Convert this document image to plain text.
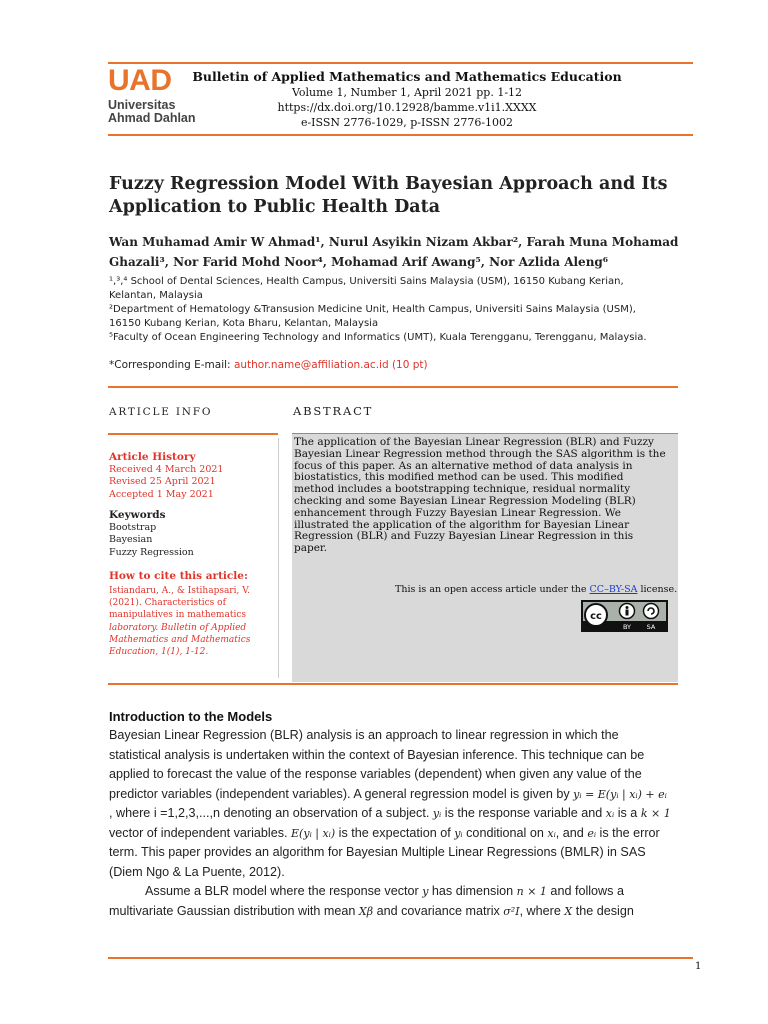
UAD
Universitas
Ahmad Dahlan
Bulletin of Applied Mathematics and Mathematics Education
Volume 1, Number 1, April 2021 pp. 1-12
https://dx.doi.org/10.12928/bamme.v1i1.XXXX
e-ISSN 2776-1029, p-ISSN 2776-1002
Fuzzy Regression Model With Bayesian Approach and Its
Application to Public Health Data
Wan Muhamad Amir W Ahmad¹, Nurul Asyikin Nizam Akbar², Farah Muna Mohamad
Ghazali³, Nor Farid Mohd Noor⁴, Mohamad Arif Awang⁵, Nor Azlida Aleng⁶
¹,³,⁴ School of Dental Sciences, Health Campus, Universiti Sains Malaysia (USM), 16150 Kubang Kerian,
Kelantan, Malaysia
²Department of Hematology &Transusion Medicine Unit, Health Campus, Universiti Sains Malaysia (USM),
16150 Kubang Kerian, Kota Bharu, Kelantan, Malaysia
⁵Faculty of Ocean Engineering Technology and Informatics (UMT), Kuala Terengganu, Terengganu, Malaysia.
*Corresponding E-mail: author.name@affiliation.ac.id (10 pt)
ARTICLE INFO	ABSTRACT
The application of the Bayesian Linear Regression (BLR) and Fuzzy
Bayesian Linear Regression method through the SAS algorithm is the
focus of this paper. As an alternative method of data analysis in
biostatistics, this modified method can be used. This modified
method includes a bootstrapping technique, residual normality
checking and some Bayesian Linear Regression Modeling (BLR)
enhancement through Fuzzy Bayesian Linear Regression. We
illustrated the application of the algorithm for Bayesian Linear
Regression (BLR) and Fuzzy Bayesian Linear Regression in this
paper.
This is an open access article under the CC–BY-SA license.
cc
BY SA
Article History
Received 4 March 2021
Revised 25 April 2021
Accepted 1 May 2021
Keywords
Bootstrap
Bayesian
Fuzzy Regression
How to cite this article:
Istiandaru, A., & Istihapsari, V.
(2021). Characteristics of
manipulatives in mathematics
laboratory. Bulletin of Applied
Mathematics and Mathematics
Education, 1(1), 1-12.
Introduction to the Models
Bayesian Linear Regression (BLR) analysis is an approach to linear regression in which the
statistical analysis is undertaken within the context of Bayesian inference. This technique can be
applied to forecast the value of the response variables (dependent) when given any value of the
predictor variables (independent variables). A general regression model is given by yᵢ = E(yᵢ | xᵢ) + eᵢ
, where i =1,2,3,...,n denoting an observation of a subject. yᵢ is the response variable and xᵢ is a k × 1
vector of independent variables. E(yᵢ | xᵢ) is the expectation of yᵢ conditional on xᵢ, and eᵢ is the error
term. This paper provides an algorithm for Bayesian Multiple Linear Regressions (BMLR) in SAS
(Diem Ngo & La Puente, 2012).
Assume a BLR model where the response vector y has dimension n × 1 and follows a
multivariate Gaussian distribution with mean Xβ and covariance matrix σ²I, where X the design
1
